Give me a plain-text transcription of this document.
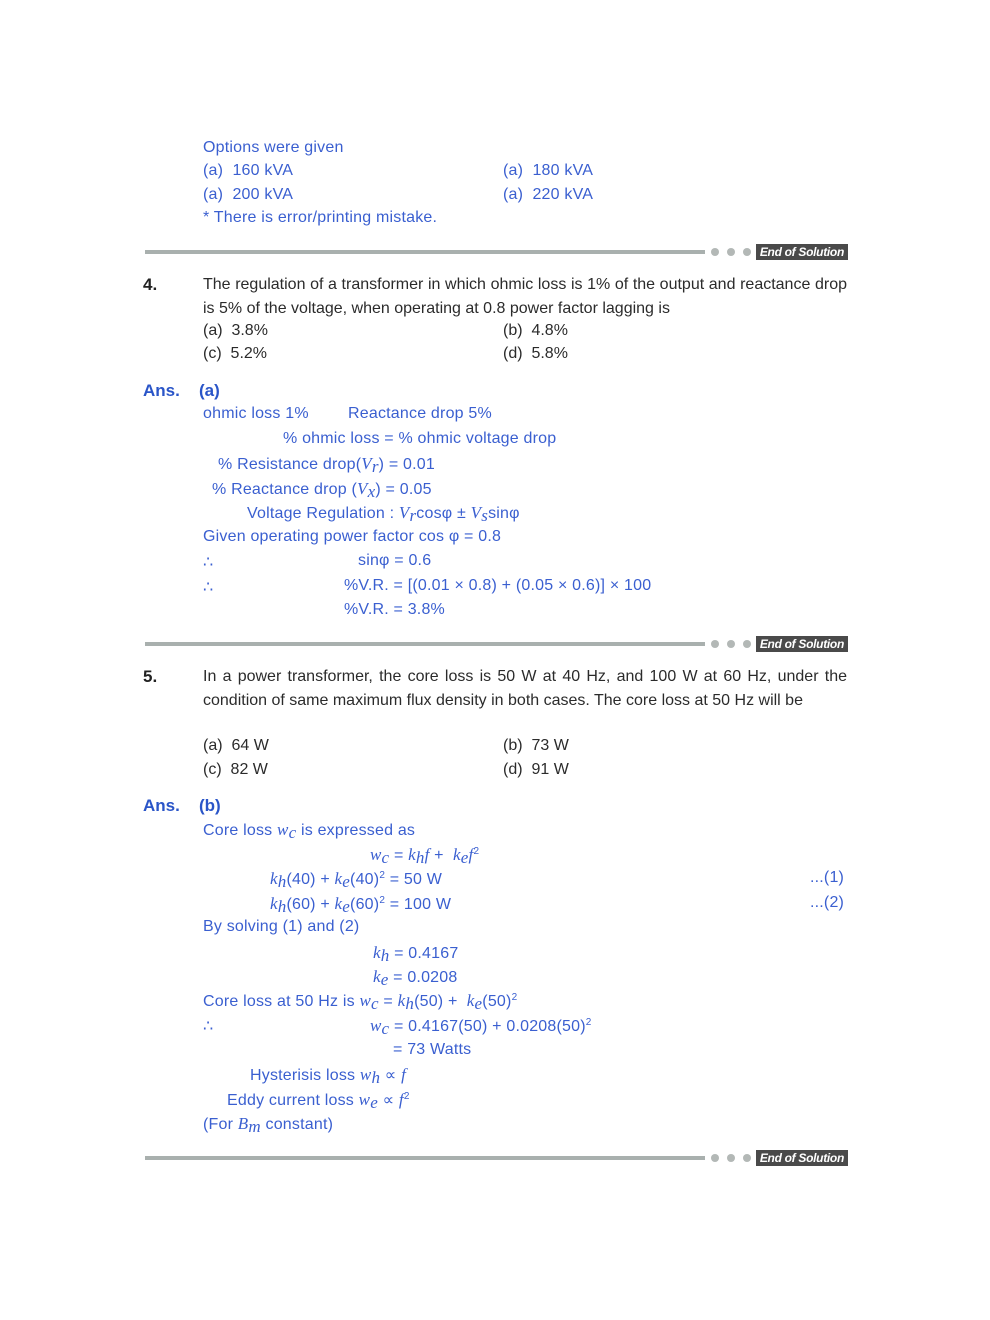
Options were given
(a) 160 kVA	(a) 180 kVA
(a) 200 kVA	(a) 220 kVA
* There is error/printing mistake.
End of Solution
4.	The regulation of a transformer in which ohmic loss is 1% of the output and reactance drop is 5% of the voltage, when operating at 0.8 power factor lagging is
(a) 3.8%	(b) 4.8%
(c) 5.2%	(d) 5.8%
Ans. (a)
ohmic loss 1% Reactance drop 5%
% ohmic loss = % ohmic voltage drop
% Resistance $drop(V_r) = 0.01$
% Reactance drop $(V_x) = 0.05$
Voltage Regulation : $V_r\cos\varphi \pm V_s\sin\varphi$
Given operating power factor cos φ = 0.8
∴	sinφ = 0.6
∴	%V.R. = [(0.01 × 0.8) + (0.05 × 0.6)] × 100
%V.R. = 3.8%
End of Solution
5.	In a power transformer, the core loss is 50 W at 40 Hz, and 100 W at 60 Hz, under the condition of same maximum flux density in both cases. The core loss at 50 Hz will be
(a) 64 W	(b) 73 W
(c) 82 W	(d) 91 W
Ans. (b)
Core loss $w_c$ is expressed as
$w_c = k_hf + k_ef^2$
$k_h(40) + k_e(40)^2 = 50$ W	...(1)
$k_h(60) + k_e(60)^2 = 100$ W	...(2)
By solving (1) and (2)
$k_h = 0.4167$
$k_e = 0.0208$
Core loss at 50 Hz is $w_c = k_h(50) + k_e(50)^2$
∴	$w_c = 0.4167(50) + 0.0208(50)^2$
= 73 Watts
Hysterisis loss $w_h \propto f$
Eddy current loss $w_e \propto f^2$
(For $B_m$ constant)
End of Solution
